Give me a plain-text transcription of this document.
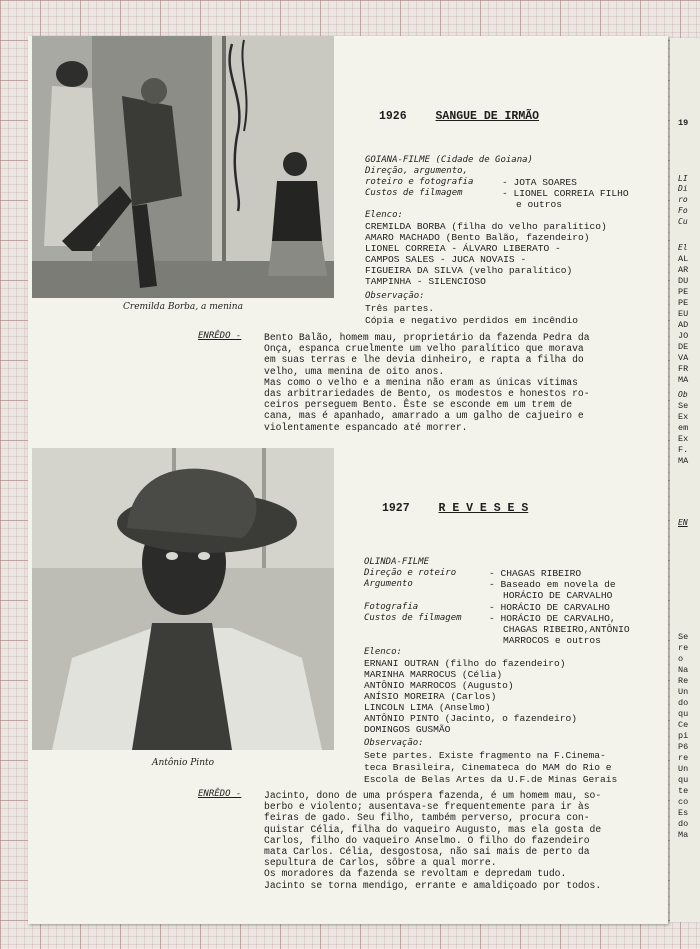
Cremilda Borba, a menina
1926	SANGUE DE IRMÃO
GOIANA-FILME (Cidade de Goiana)
Direção, argumento,
roteiro e fotografia	- JOTA SOARES
Custos de filmagem	- LIONEL CORREIA FILHO
e outros
Elenco:
CREMILDA BORBA (filha do velho paralítico)
AMARO MACHADO (Bento Balão, fazendeiro)
LIONEL CORREIA - ÁLVARO LIBERATO -
CAMPOS SALES - JUCA NOVAIS -
FIGUEIRA DA SILVA (velho paralítico)
TAMPINHA - SILENCIOSO
Observação:
Três partes.
Cópia e negativo perdidos em incêndio
ENRÊDO - Bento Balão, homem mau, proprietário da fazenda Pedra da

Onça, espanca cruelmente um velho paralítico que morava

em suas terras e lhe devia dinheiro, e rapta a filha do

velho, uma menina de oito anos.

Mas como o velho e a menina não eram as únicas vítimas

das arbitrariedades de Bento, os modestos e honestos ro-

ceiros perseguem Bento. Êste se esconde em um trem de

cana, mas é apanhado, amarrado a um galho de cajueiro e

violentamente espancado até morrer.

Antônio Pinto
1927	R E V E S E S
OLINDA-FILME
Direção e roteiro	- CHAGAS RIBEIRO
Argumento	- Baseado em novela de
HORÁCIO DE CARVALHO
Fotografia	- HORÁCIO DE CARVALHO
Custos de filmagem	- HORÁCIO DE CARVALHO,
CHAGAS RIBEIRO,ANTÔNIO
MARROCOS e outros
Elenco:
ERNANI OUTRAN (filho do fazendeiro)
MARINHA MARROCUS (Célia)
ANTÔNIO MARROCOS (Augusto)
ANÍSIO MOREIRA (Carlos)
LINCOLN LIMA (Anselmo)
ANTÔNIO PINTO (Jacinto, o fazendeiro)
DOMINGOS GUSMÃO
Observação:
Sete partes. Existe fragmento na F.Cinema-
teca Brasileira, Cinemateca do MAM do Rio e
Escola de Belas Artes da U.F.de Minas Gerais
ENRÊDO - Jacinto, dono de uma próspera fazenda, é um homem mau, so-

berbo e violento; ausentava-se frequentemente para ir às

feiras de gado. Seu filho, também perverso, procura con-

quistar Célia, filha do vaqueiro Augusto, mas ela gosta de

Carlos, filho do vaqueiro Anselmo. O filho do fazendeiro

mata Carlos. Célia, desgostosa, não sai mais de perto da

sepultura de Carlos, sôbre a qual morre.

Os moradores da fazenda se revoltam e depredam tudo.

Jacinto se torna mendigo, errante e amaldiçoado por todos.

19
LI
Di
ro
Fo
Cu
El
AL
AR
DU
PE
PE
EU
AD
JO
DE
VA
FR
MA
Ob
Se
Ex
em
Ex
F.
MA
EN
Se
re
o
Na
Re
Un
do
qu
Ce
pi
P6
re
Un
qu
te
co
Es
do
Ma
